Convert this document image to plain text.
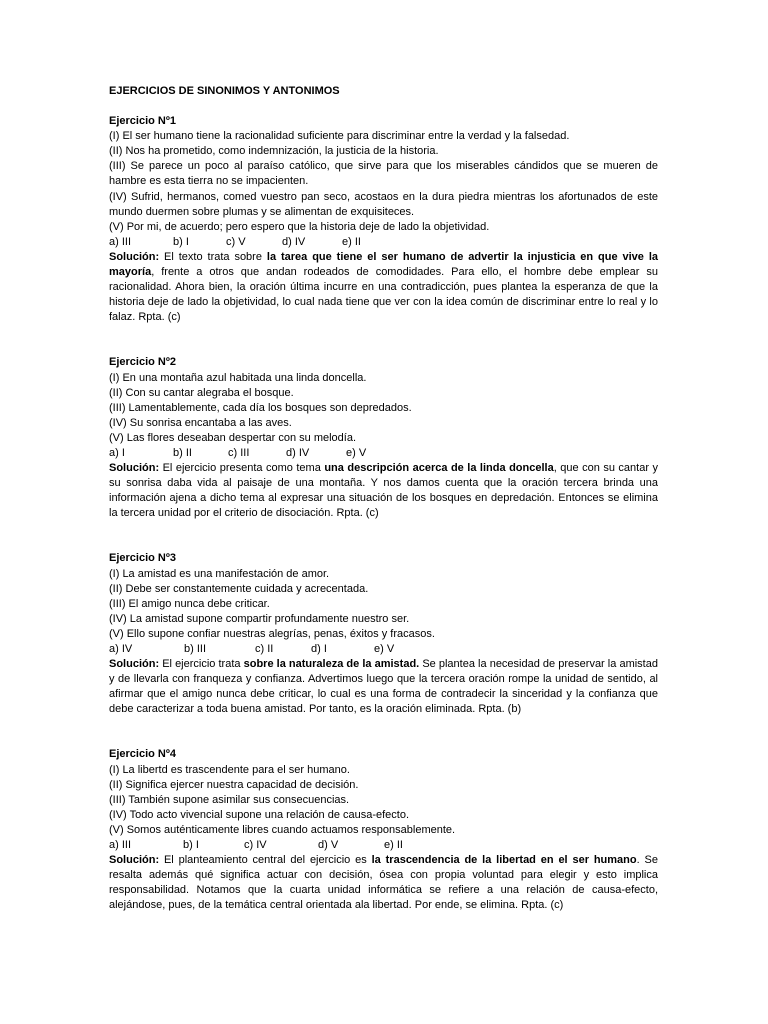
EJERCICIOS DE SINONIMOS Y ANTONIMOS
Ejercicio Nº1
(I) El ser humano tiene la racionalidad suficiente para discriminar entre la verdad y la falsedad.
(II) Nos ha prometido, como indemnización, la justicia de la historia.
(III) Se parece un poco al paraíso católico, que sirve para que los miserables cándidos que se mueren de hambre es esta tierra no se impacienten.
(IV) Sufrid, hermanos, comed vuestro pan seco, acostaos en la dura piedra mientras los afortunados de este mundo duermen sobre plumas y se alimentan de exquisiteces.
(V) Por mi, de acuerdo; pero espero que la historia deje de lado la objetividad.
a) III	b) I	c) V	d) IV	e) II
Solución: El texto trata sobre la tarea que tiene el ser humano de advertir la injusticia en que vive la mayoría, frente a otros que andan rodeados de comodidades. Para ello, el hombre debe emplear su racionalidad. Ahora bien, la oración última incurre en una contradicción, pues plantea la esperanza de que la historia deje de lado la objetividad, lo cual nada tiene que ver con la idea común de discriminar entre lo real y lo falaz. Rpta. (c)
Ejercicio Nº2
(I) En una montaña azul habitada una linda doncella.
(II) Con su cantar alegraba el bosque.
(III) Lamentablemente, cada día los bosques son depredados.
(IV) Su sonrisa encantaba a las aves.
(V) Las flores deseaban despertar con su melodía.
a) I	b) II	c) III	d) IV	e) V
Solución: El ejercicio presenta como tema una descripción acerca de la linda doncella, que con su cantar y su sonrisa daba vida al paisaje de una montaña. Y nos damos cuenta que la oración tercera brinda una información ajena a dicho tema al expresar una situación de los bosques en depredación. Entonces se elimina la tercera unidad por el criterio de disociación. Rpta. (c)
Ejercicio Nº3
(I) La amistad es una manifestación de amor.
(II) Debe ser constantemente cuidada y acrecentada.
(III) El amigo nunca debe criticar.
(IV) La amistad supone compartir profundamente nuestro ser.
(V) Ello supone confiar nuestras alegrías, penas, éxitos y fracasos.
a) IV	b) III	c) II	d) I	e) V
Solución: El ejercicio trata sobre la naturaleza de la amistad. Se plantea la necesidad de preservar la amistad y de llevarla con franqueza y confianza. Advertimos luego que la tercera oración rompe la unidad de sentido, al afirmar que el amigo nunca debe criticar, lo cual es una forma de contradecir la sinceridad y la confianza que debe caracterizar a toda buena amistad. Por tanto, es la oración eliminada. Rpta. (b)
Ejercicio Nº4
(I) La libertd es trascendente para el ser humano.
(II) Significa ejercer nuestra capacidad de decisión.
(III) También supone asimilar sus consecuencias.
(IV) Todo acto vivencial supone una relación de causa-efecto.
(V) Somos auténticamente libres cuando actuamos responsablemente.
a) III	b) I	c) IV	d) V	e) II
Solución: El planteamiento central del ejercicio es la trascendencia de la libertad en el ser humano. Se resalta además qué significa actuar con decisión, ósea con propia voluntad para elegir y esto implica responsabilidad. Notamos que la cuarta unidad informática se refiere a una relación de causa-efecto, alejándose, pues, de la temática central orientada ala libertad. Por ende, se elimina. Rpta. (c)
